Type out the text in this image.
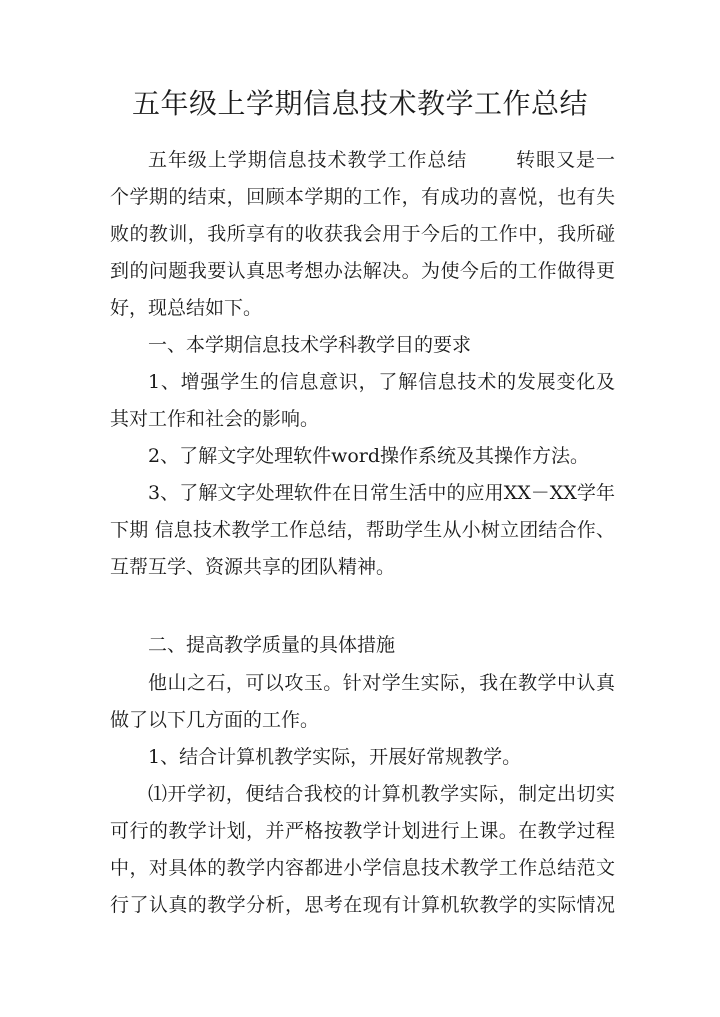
五年级上学期信息技术教学工作总结

五年级上学期信息技术教学工作总结	转眼又是一

个学期的结束，回顾本学期的工作，有成功的喜悦，也有失

败的教训，我所享有的收获我会用于今后的工作中，我所碰

到的问题我要认真思考想办法解决。为使今后的工作做得更

好，现总结如下。

一、本学期信息技术学科教学目的要求

1、增强学生的信息意识，了解信息技术的发展变化及

其对工作和社会的影响。

2、了解文字处理软件word操作系统及其操作方法。

3、了解文字处理软件在日常生活中的应用XX－XX学年

下期 信息技术教学工作总结，帮助学生从小树立团结合作、

互帮互学、资源共享的团队精神。

二、提高教学质量的具体措施

他山之石，可以攻玉。针对学生实际，我在教学中认真

做了以下几方面的工作。

1、结合计算机教学实际，开展好常规教学。

⑴开学初，便结合我校的计算机教学实际，制定出切实

可行的教学计划，并严格按教学计划进行上课。在教学过程

中，对具体的教学内容都进小学信息技术教学工作总结范文

行了认真的教学分析，思考在现有计算机软教学的实际情况
